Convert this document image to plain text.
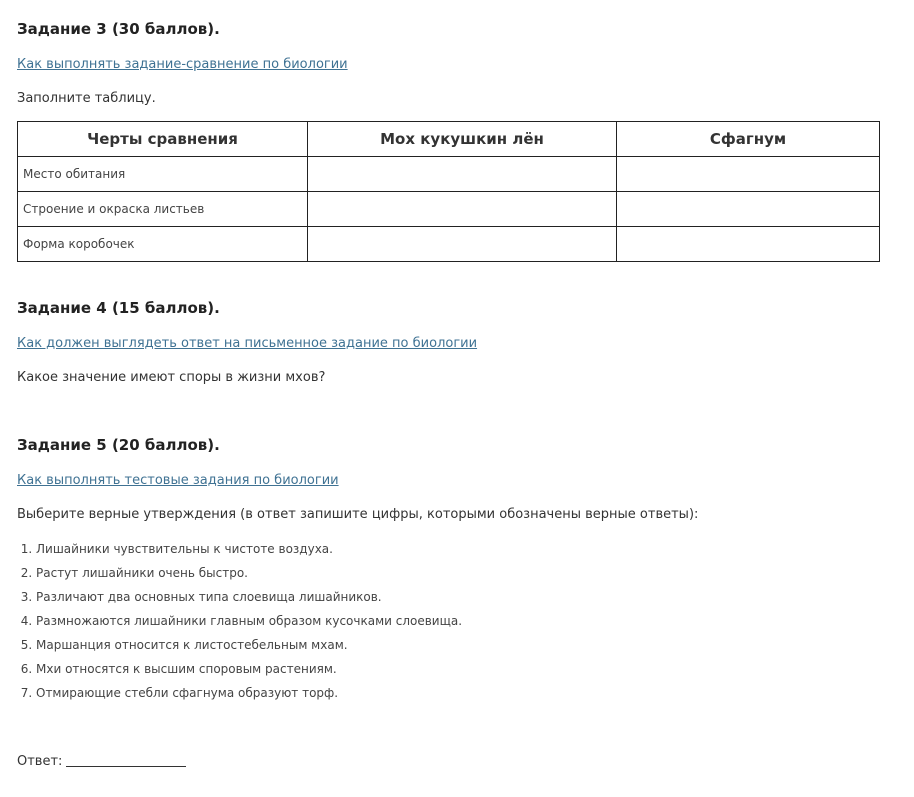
Задание 3 (30 баллов).
Как выполнять задание-сравнение по биологии
Заполните таблицу.
Черты сравнения	Мох кукушкин лён	Сфагнум
Место обитания		
Строение и окраска листьев		
Форма коробочек		
Задание 4 (15 баллов).
Как должен выглядеть ответ на письменное задание по биологии
Какое значение имеют споры в жизни мхов?
Задание 5 (20 баллов).
Как выполнять тестовые задания по биологии
Выберите верные утверждения (в ответ запишите цифры, которыми обозначены верные ответы):
1. Лишайники чувствительны к чистоте воздуха.
2. Растут лишайники очень быстро.
3. Различают два основных типа слоевища лишайников.
4. Размножаются лишайники главным образом кусочками слоевища.
5. Маршанция относится к листостебельным мхам.
6. Мхи относятся к высшим споровым растениям.
7. Отмирающие стебли сфагнума образуют торф.
Ответ:
